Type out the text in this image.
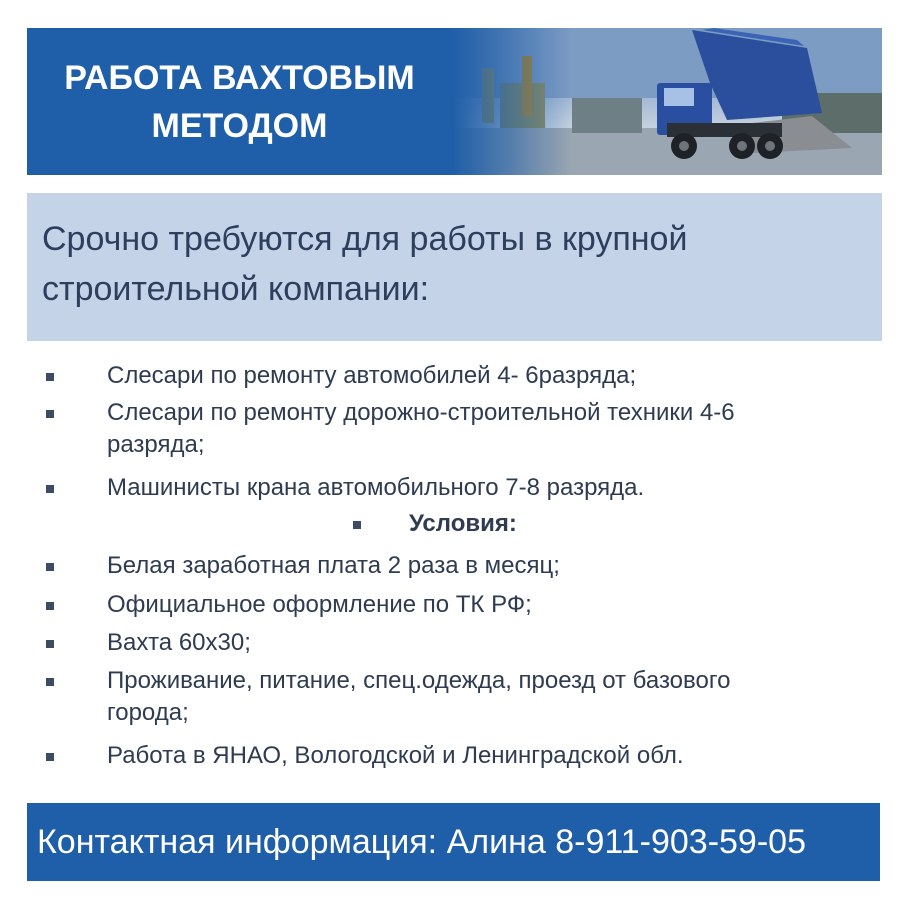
РАБОТА ВАХТОВЫМ
МЕТОДОМ
Срочно требуются для работы в крупной
строительной компании:
Слесари по ремонту автомобилей 4- 6разряда;
Слесари по ремонту дорожно-строительной техники 4-6 разряда;
Машинисты крана автомобильного 7-8 разряда.
Условия:
Белая заработная плата 2 раза в месяц;
Официальное оформление по ТК РФ;
Вахта 60х30;
Проживание, питание, спец.одежда, проезд от базового города;
Работа в ЯНАО, Вологодской и Ленинградской обл.
Контактная информация: Алина 8-911-903-59-05
